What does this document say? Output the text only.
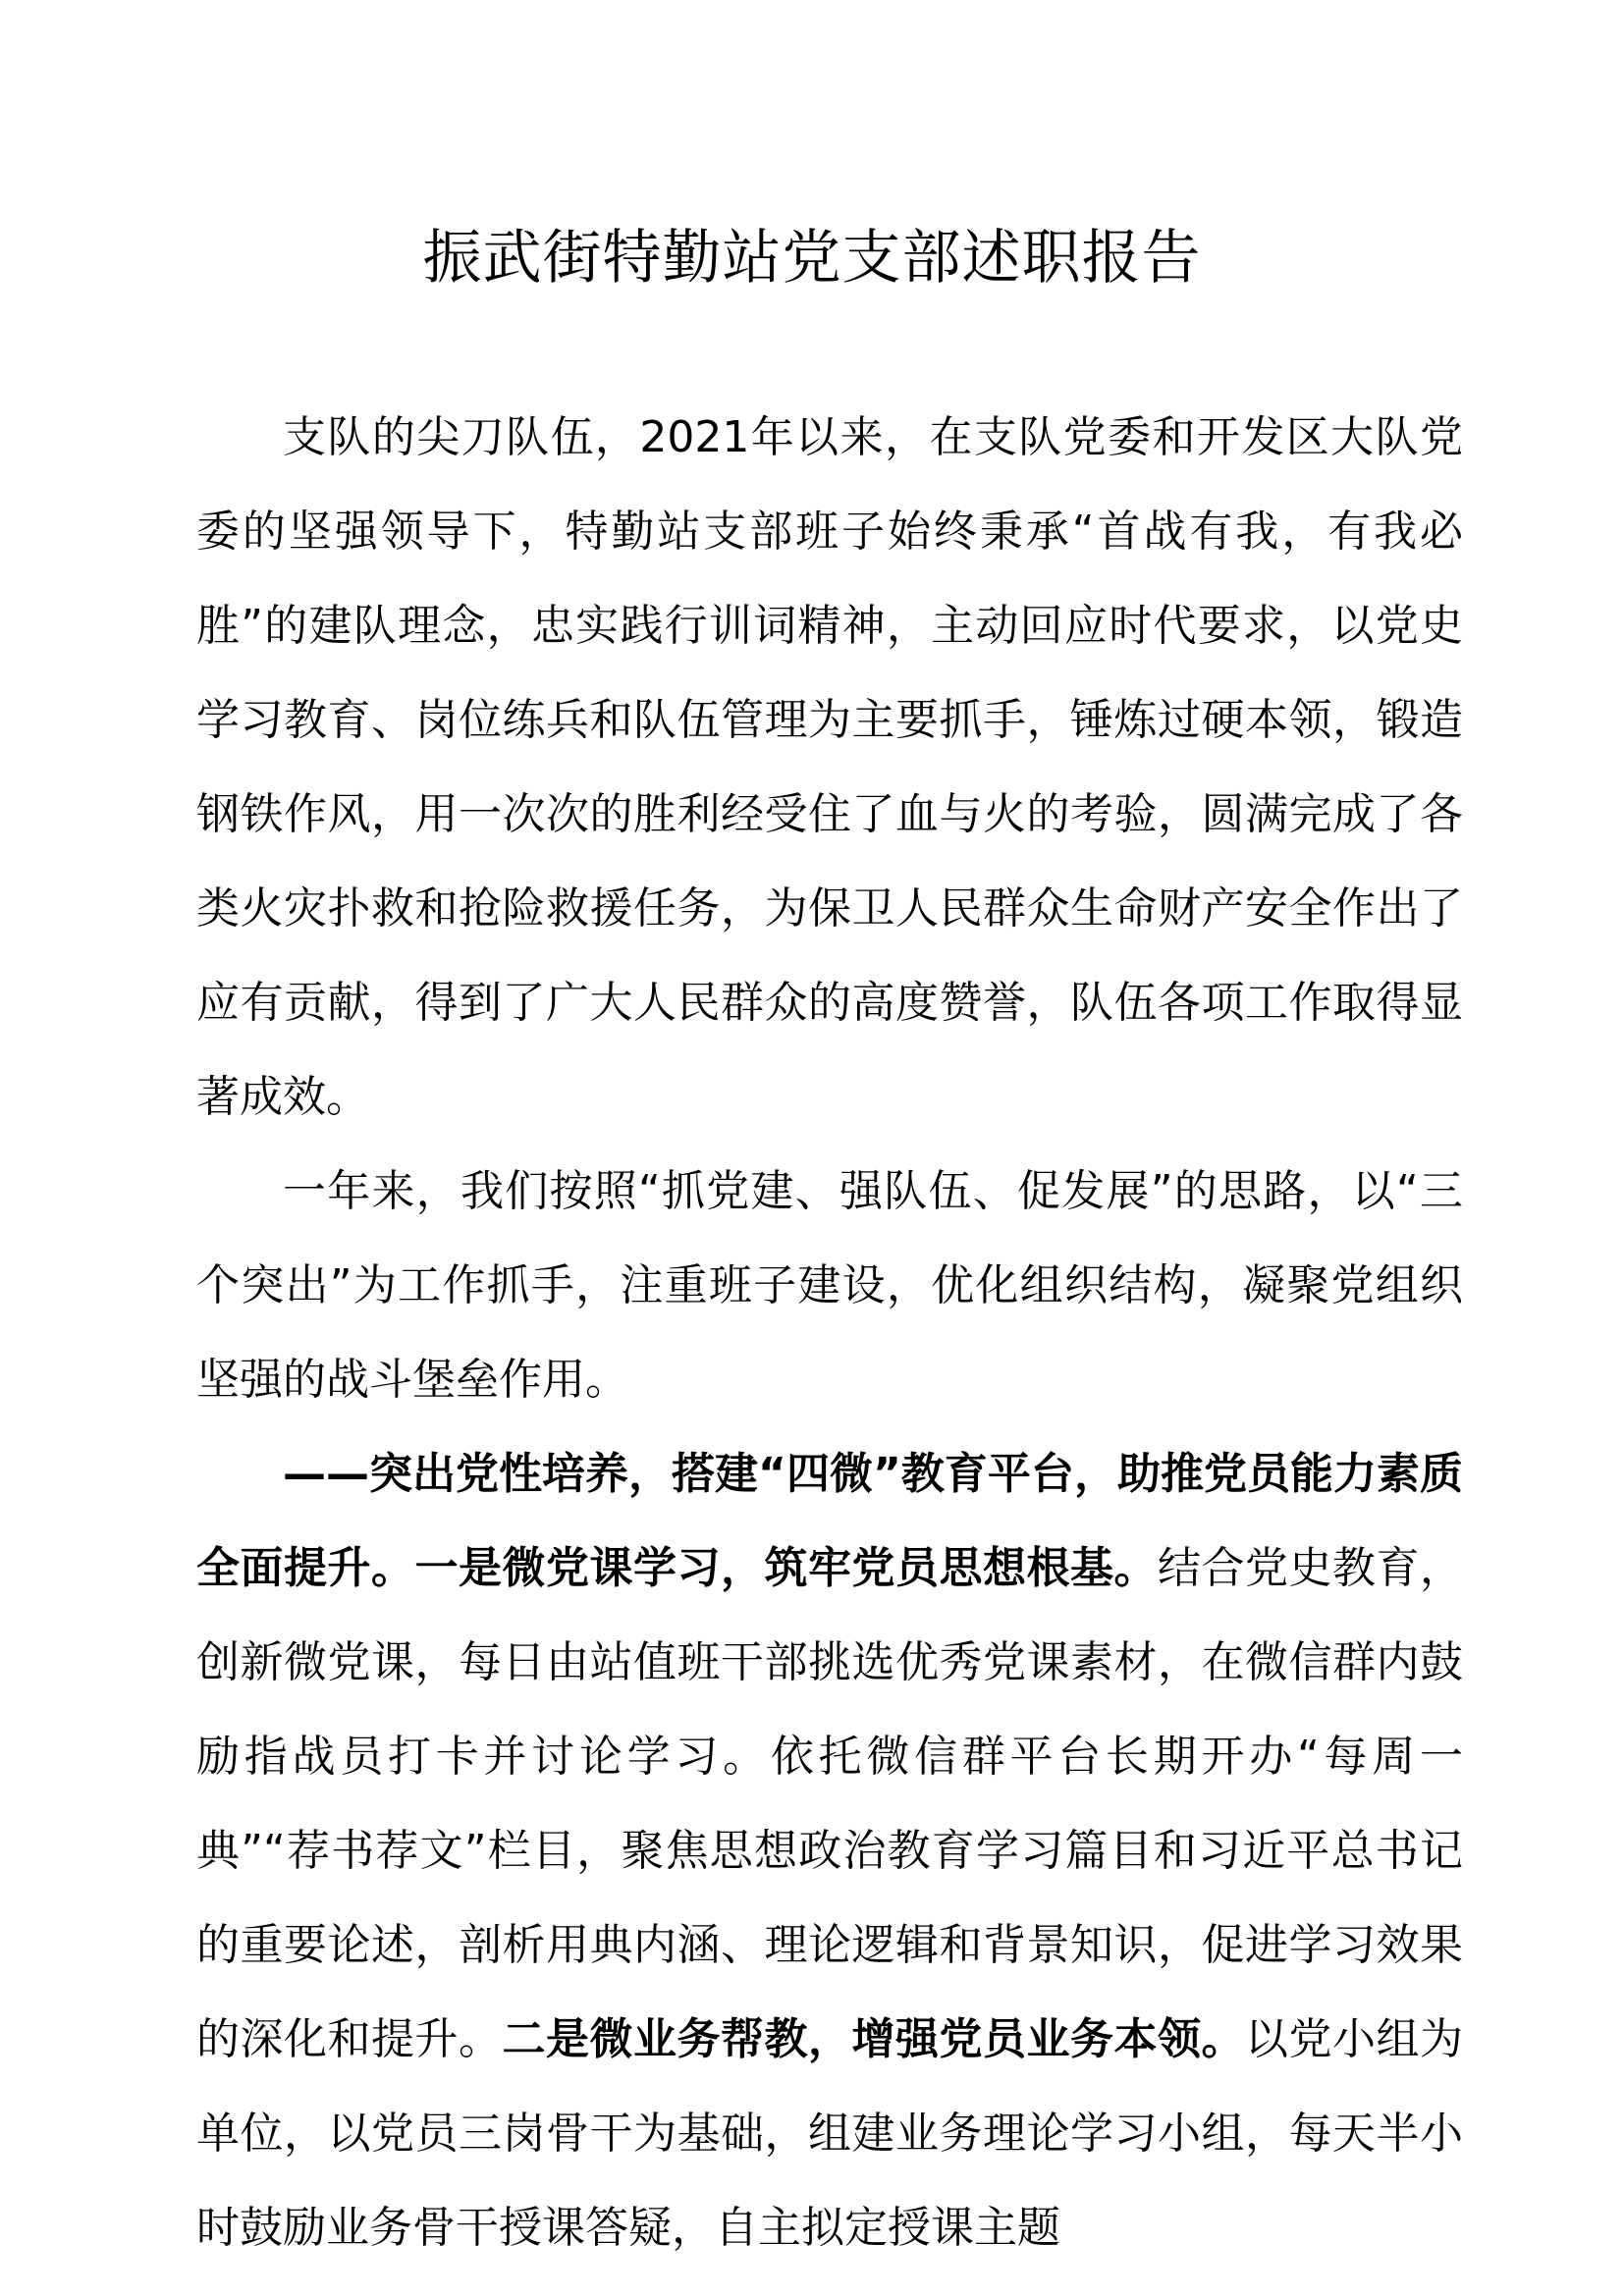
振武街特勤站党支部述职报告

支队的尖刀队伍，2021年以来，在支队党委和开发区大队党委的坚强领导下，特勤站支部班子始终秉承“首战有我，有我必胜”的建队理念，忠实践行训词精神，主动回应时代要求，以党史学习教育、岗位练兵和队伍管理为主要抓手，锤炼过硬本领，锻造钢铁作风，用一次次的胜利经受住了血与火的考验，圆满完成了各类火灾扑救和抢险救援任务，为保卫人民群众生命财产安全作出了应有贡献，得到了广大人民群众的高度赞誉，队伍各项工作取得显著成效。

一年来，我们按照“抓党建、强队伍、促发展”的思路，以“三个突出”为工作抓手，注重班子建设，优化组织结构，凝聚党组织坚强的战斗堡垒作用。

——突出党性培养，搭建“四微”教育平台，助推党员能力素质全面提升。一是微党课学习，筑牢党员思想根基。结合党史教育，创新微党课，每日由站值班干部挑选优秀党课素材，在微信群内鼓励指战员打卡并讨论学习。依托微信群平台长期开办“每周一典”“荐书荐文”栏目，聚焦思想政治教育学习篇目和习近平总书记的重要论述，剖析用典内涵、理论逻辑和背景知识，促进学习效果的深化和提升。二是微业务帮教，增强党员业务本领。以党小组为单位，以党员三岗骨干为基础，组建业务理论学习小组，每天半小时鼓励业务骨干授课答疑，自主拟定授课主题
